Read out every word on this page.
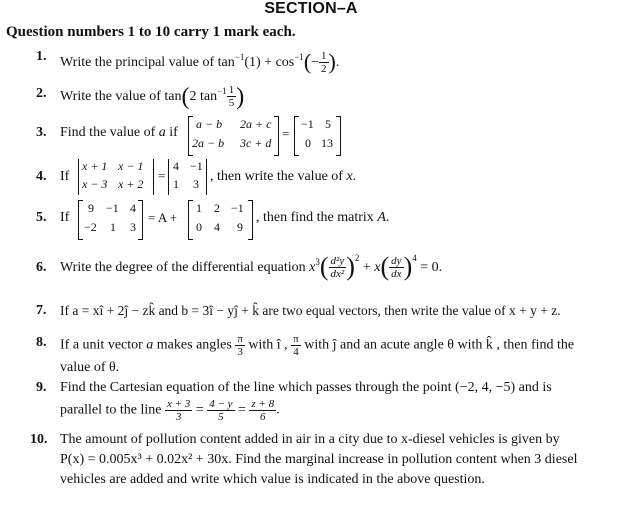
SECTION–A
Question numbers 1 to 10 carry 1 mark each.
1. Write the principal value of $\tan^{-1}(1) + \cos^{-1}(- \frac{1}{2}$ ).
2. Write the value of tan(2 $\tan^{-1} \frac{1}{5}$ )
3. Find the value of a if
a − b 2a + c
2a − b 3c + d
=
−1 5
0 13
4. If
x + 1 x − 1
x − 3 x + 2
=
4 −1
1 3 , then write the value of x.
5. If
9 −1 4
−2 1 3
= A +
1 2 −1
0 4 9
, then find the matrix A.
6. Write the degree of the differential equation $x^3( \frac{\text{d²y}}{\text{dx²}} )^2 + x( \frac{dy}{dx} )^4 = 0$.
7. If a = xî + 2ĵ − zk̂ and b = 3î − yĵ + k̂ are two equal vectors, then write the value of x + y + z.
8. If a unit vector a makes angles $\frac{\pi}{3}$ with î , $\frac{\pi}{4}$ with ĵ and an acute angle θ with k̂ , then find the
value of θ.
9. Find the Cartesian equation of the line which passes through the point (−2, 4, −5) and is
parallel to the line $\frac{x + 3}{3} = \frac{4 - y}{5} = \frac{z + 8}{6}$ .
10. The amount of pollution content added in air in a city due to x-diesel vehicles is given by
P(x) = 0.005x³ + 0.02x² + 30x. Find the marginal increase in pollution content when 3 diesel
vehicles are added and write which value is indicated in the above question.
